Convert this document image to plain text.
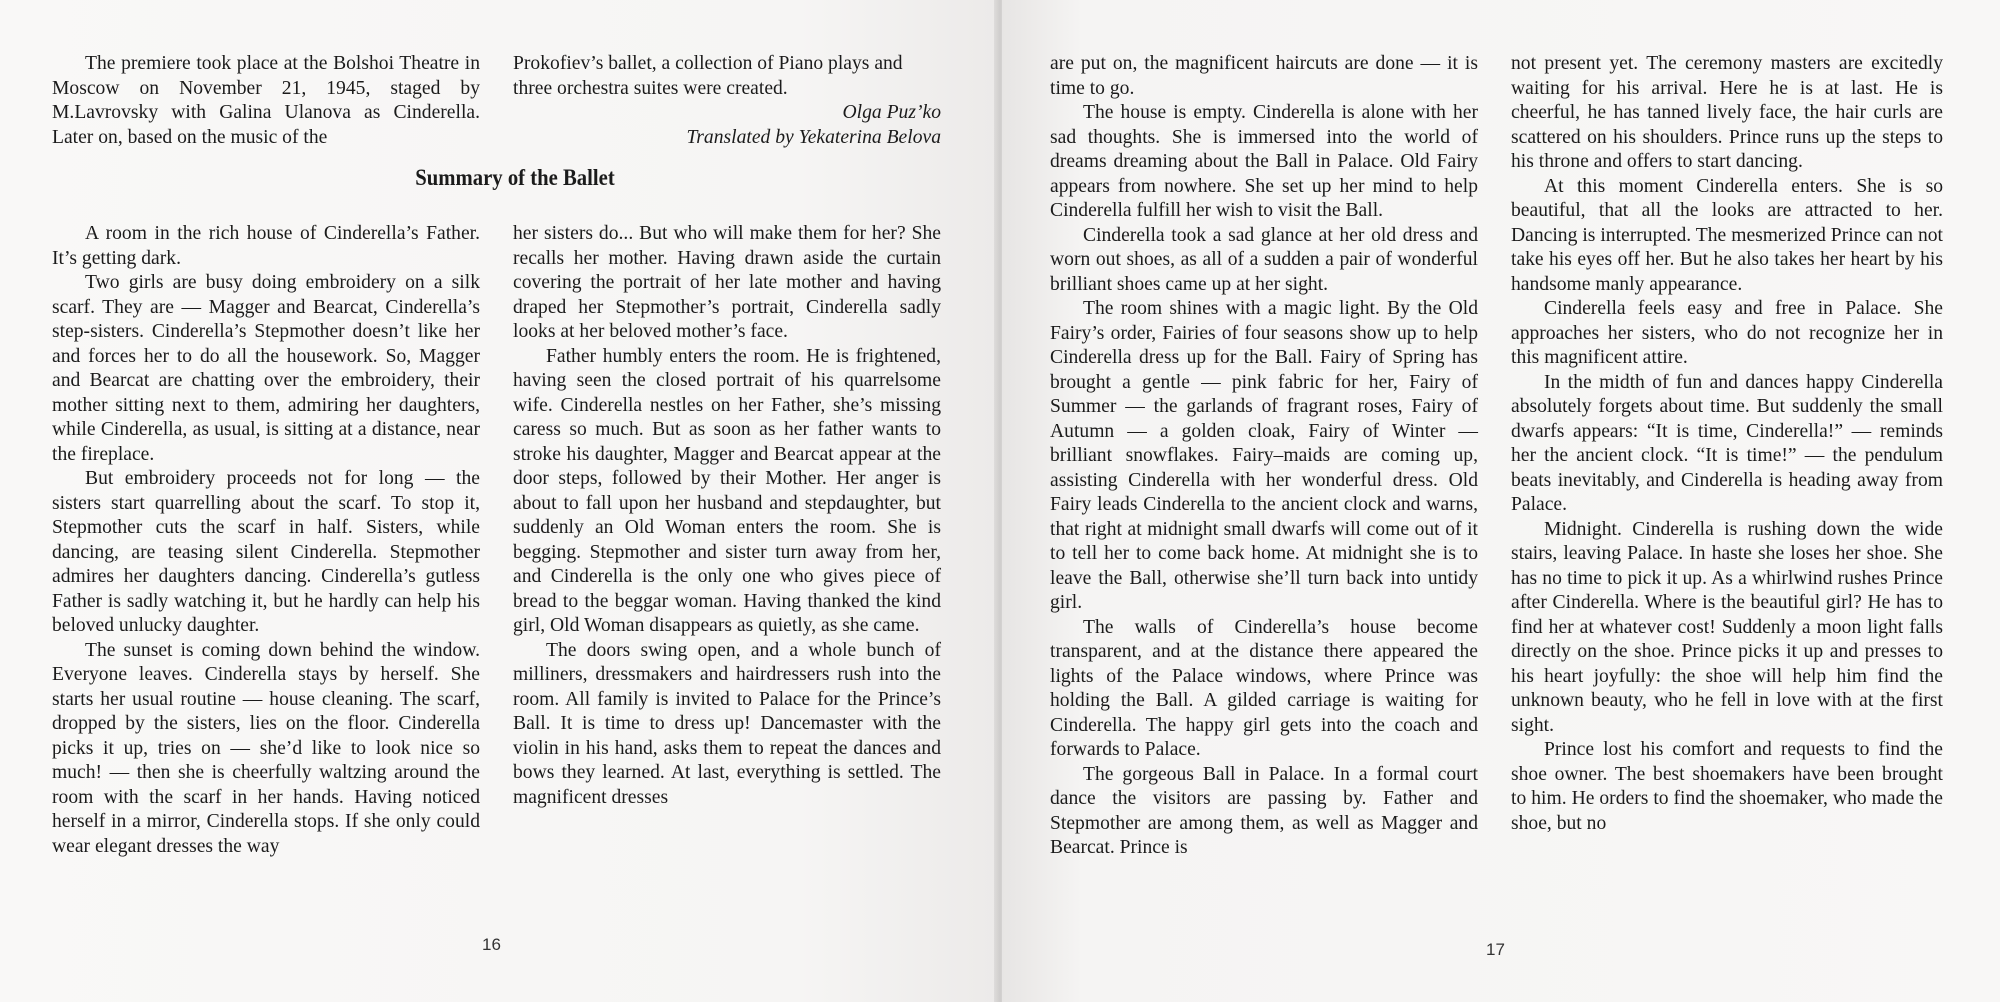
The premiere took place at the Bolshoi Theatre in Moscow on November 21, 1945, staged by M.Lavrovsky with Galina Ulanova as Cinderella. Later on, based on the music of the

Prokofiev’s ballet, a collection of Piano plays and three orchestra suites were created.

Olga Puz’ko
Translated by Yekaterina Belova
Summary of the Ballet

A room in the rich house of Cinderella’s Father. It’s getting dark.

Two girls are busy doing embroidery on a silk scarf. They are — Magger and Bearcat, Cinderella’s step-sisters. Cinderella’s Stepmother doesn’t like her and forces her to do all the housework. So, Magger and Bearcat are chatting over the embroidery, their mother sitting next to them, admiring her daughters, while Cinderella, as usual, is sitting at a distance, near the fireplace.

But embroidery proceeds not for long — the sisters start quarrelling about the scarf. To stop it, Stepmother cuts the scarf in half. Sisters, while dancing, are teasing silent Cinderella. Stepmother admires her daughters dancing. Cinderella’s gutless Father is sadly watching it, but he hardly can help his beloved unlucky daughter.

The sunset is coming down behind the window. Everyone leaves. Cinderella stays by herself. She starts her usual routine — house cleaning. The scarf, dropped by the sisters, lies on the floor. Cinderella picks it up, tries on — she’d like to look nice so much! — then she is cheerfully waltzing around the room with the scarf in her hands. Having noticed herself in a mirror, Cinderella stops. If she only could wear elegant dresses the way

her sisters do... But who will make them for her? She recalls her mother. Having drawn aside the curtain covering the portrait of her late mother and having draped her Stepmother’s portrait, Cinderella sadly looks at her beloved mother’s face.

Father humbly enters the room. He is frightened, having seen the closed portrait of his quarrelsome wife. Cinderella nestles on her Father, she’s missing caress so much. But as soon as her father wants to stroke his daughter, Magger and Bearcat appear at the door steps, followed by their Mother. Her anger is about to fall upon her husband and stepdaughter, but suddenly an Old Woman enters the room. She is begging. Stepmother and sister turn away from her, and Cinderella is the only one who gives piece of bread to the beggar woman. Having thanked the kind girl, Old Woman disappears as quietly, as she came.

The doors swing open, and a whole bunch of milliners, dressmakers and hairdressers rush into the room. All family is invited to Palace for the Prince’s Ball. It is time to dress up! Dancemaster with the violin in his hand, asks them to repeat the dances and bows they learned. At last, everything is settled. The magnificent dresses

16

are put on, the magnificent haircuts are done — it is time to go.

The house is empty. Cinderella is alone with her sad thoughts. She is immersed into the world of dreams dreaming about the Ball in Palace. Old Fairy appears from nowhere. She set up her mind to help Cinderella fulfill her wish to visit the Ball.

Cinderella took a sad glance at her old dress and worn out shoes, as all of a sudden a pair of wonderful brilliant shoes came up at her sight.

The room shines with a magic light. By the Old Fairy’s order, Fairies of four seasons show up to help Cinderella dress up for the Ball. Fairy of Spring has brought a gentle — pink fabric for her, Fairy of Summer — the garlands of fragrant roses, Fairy of Autumn — a golden cloak, Fairy of Winter — brilliant snowflakes. Fairy–maids are coming up, assisting Cinderella with her wonderful dress. Old Fairy leads Cinderella to the ancient clock and warns, that right at midnight small dwarfs will come out of it to tell her to come back home. At midnight she is to leave the Ball, otherwise she’ll turn back into untidy girl.

The walls of Cinderella’s house become transparent, and at the distance there appeared the lights of the Palace windows, where Prince was holding the Ball. A gilded carriage is waiting for Cinderella. The happy girl gets into the coach and forwards to Palace.

The gorgeous Ball in Palace. In a formal court dance the visitors are passing by. Father and Stepmother are among them, as well as Magger and Bearcat. Prince is

not present yet. The ceremony masters are excitedly waiting for his arrival. Here he is at last. He is cheerful, he has tanned lively face, the hair curls are scattered on his shoulders. Prince runs up the steps to his throne and offers to start dancing.

At this moment Cinderella enters. She is so beautiful, that all the looks are attracted to her. Dancing is interrupted. The mesmerized Prince can not take his eyes off her. But he also takes her heart by his handsome manly appearance.

Cinderella feels easy and free in Palace. She approaches her sisters, who do not recognize her in this magnificent attire.

In the midth of fun and dances happy Cinderella absolutely forgets about time. But suddenly the small dwarfs appears: “It is time, Cinderella!” — reminds her the ancient clock. “It is time!” — the pendulum beats inevitably, and Cinderella is heading away from Palace.

Midnight. Cinderella is rushing down the wide stairs, leaving Palace. In haste she loses her shoe. She has no time to pick it up. As a whirlwind rushes Prince after Cinderella. Where is the beautiful girl? He has to find her at whatever cost! Suddenly a moon light falls directly on the shoe. Prince picks it up and presses to his heart joyfully: the shoe will help him find the unknown beauty, who he fell in love with at the first sight.

Prince lost his comfort and requests to find the shoe owner. The best shoemakers have been brought to him. He orders to find the shoemaker, who made the shoe, but no

17
